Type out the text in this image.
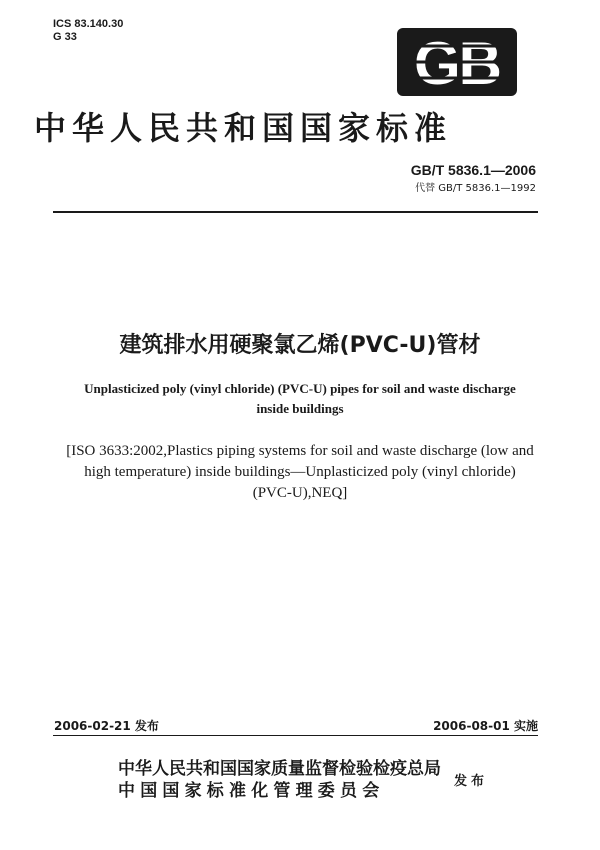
ICS 83.140.30
G 33	GB
中华人民共和国国家标准
GB/T 5836.1—2006
代替 GB/T 5836.1—1992
建筑排水用硬聚氯乙烯(PVC-U)管材
Unplasticized poly (vinyl chloride) (PVC-U) pipes for soil and waste discharge
inside buildings
[ISO 3633:2002,Plastics piping systems for soil and waste discharge (low and
high temperature) inside buildings—Unplasticized poly (vinyl chloride)
(PVC-U),NEQ]
2006-02-21 发布	2006-08-01 实施
中华人民共和国国家质量监督检验检疫总局
中国国家标准化管理委员会	发布
